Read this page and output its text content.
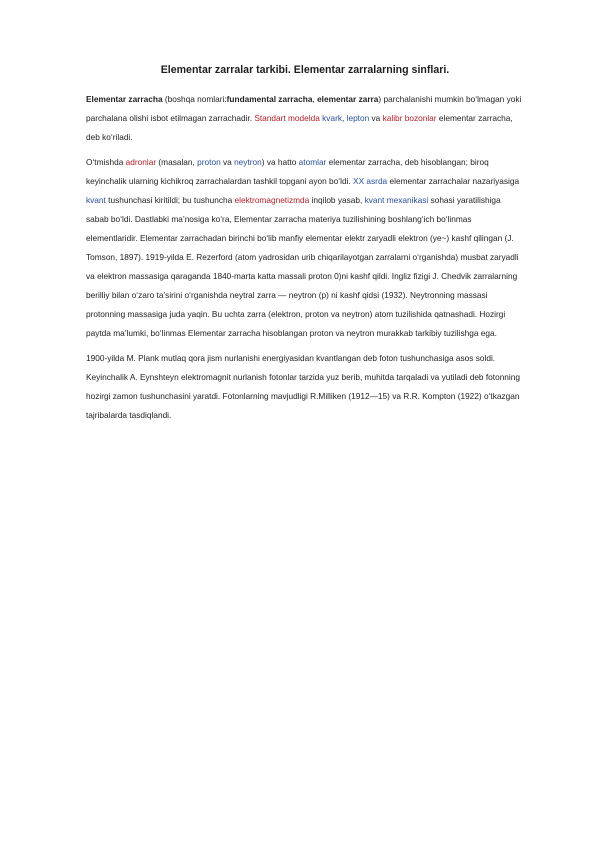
Elementar zarralar tarkibi. Elementar zarralarning sinflari.

Elementar zarracha (boshqa nomlari:fundamental zarracha, elementar zarra) parchalanishi mumkin bo‘lmagan yoki parchalana olishi isbot etilmagan zarrachadir. Standart modelda kvark, lepton va kalibr bozonlar elementar zarracha, deb ko‘riladi.

O‘tmishda adronlar (masalan, proton va neytron) va hatto atomlar elementar zarracha, deb hisoblangan; biroq keyinchalik ularning kichikroq zarrachalardan tashkil topgani ayon bo‘ldi. XX asrda elementar zarrachalar nazariyasiga kvant tushunchasi kiritildi; bu tushuncha elektromagnetizmda inqilob yasab, kvant mexanikasi sohasi yaratilishiga sabab bo‘ldi. Dastlabki ma’nosiga ko‘ra, Elementar zarracha materiya tuzilishining boshlang‘ich bo‘linmas elementlaridir. Elementar zarrachadan birinchi bo‘lib manfiy elementar elektr zaryadli elektron (ye~) kashf qilingan (J. Tomson, 1897). 1919-yilda E. Rezerford (atom yadrosidan urib chiqarilayotgan zarralarni o‘rganishda) musbat zaryadli va elektron massasiga qaraganda 1840-marta katta massali proton 0)ni kashf qildi. Ingliz fizigi J. Chedvik zarralarning berilliy bilan o‘zaro ta’sirini o‘rganishda neytral zarra — neytron (p) ni kashf qidsi (1932). Neytronning massasi protonning massasiga juda yaqin. Bu uchta zarra (elektron, proton va neytron) atom tuzilishida qatnashadi. Hozirgi paytda ma’lumki, bo‘linmas Elementar zarracha hisoblangan proton va neytron murakkab tarkibiy tuzilishga ega.

1900-yilda M. Plank mutlaq qora jism nurlanishi energiyasidan kvantlangan deb foton tushunchasiga asos soldi. Keyinchalik A. Eynshteyn elektromagnit nurlanish fotonlar tarzida yuz berib, muhitda tarqaladi va yutiladi deb fotonning hozirgi zamon tushunchasini yaratdi. Fotonlarning mavjudligi R.Milliken (1912—15) va R.R. Kompton (1922) o‘tkazgan tajribalarda tasdiqlandi.
